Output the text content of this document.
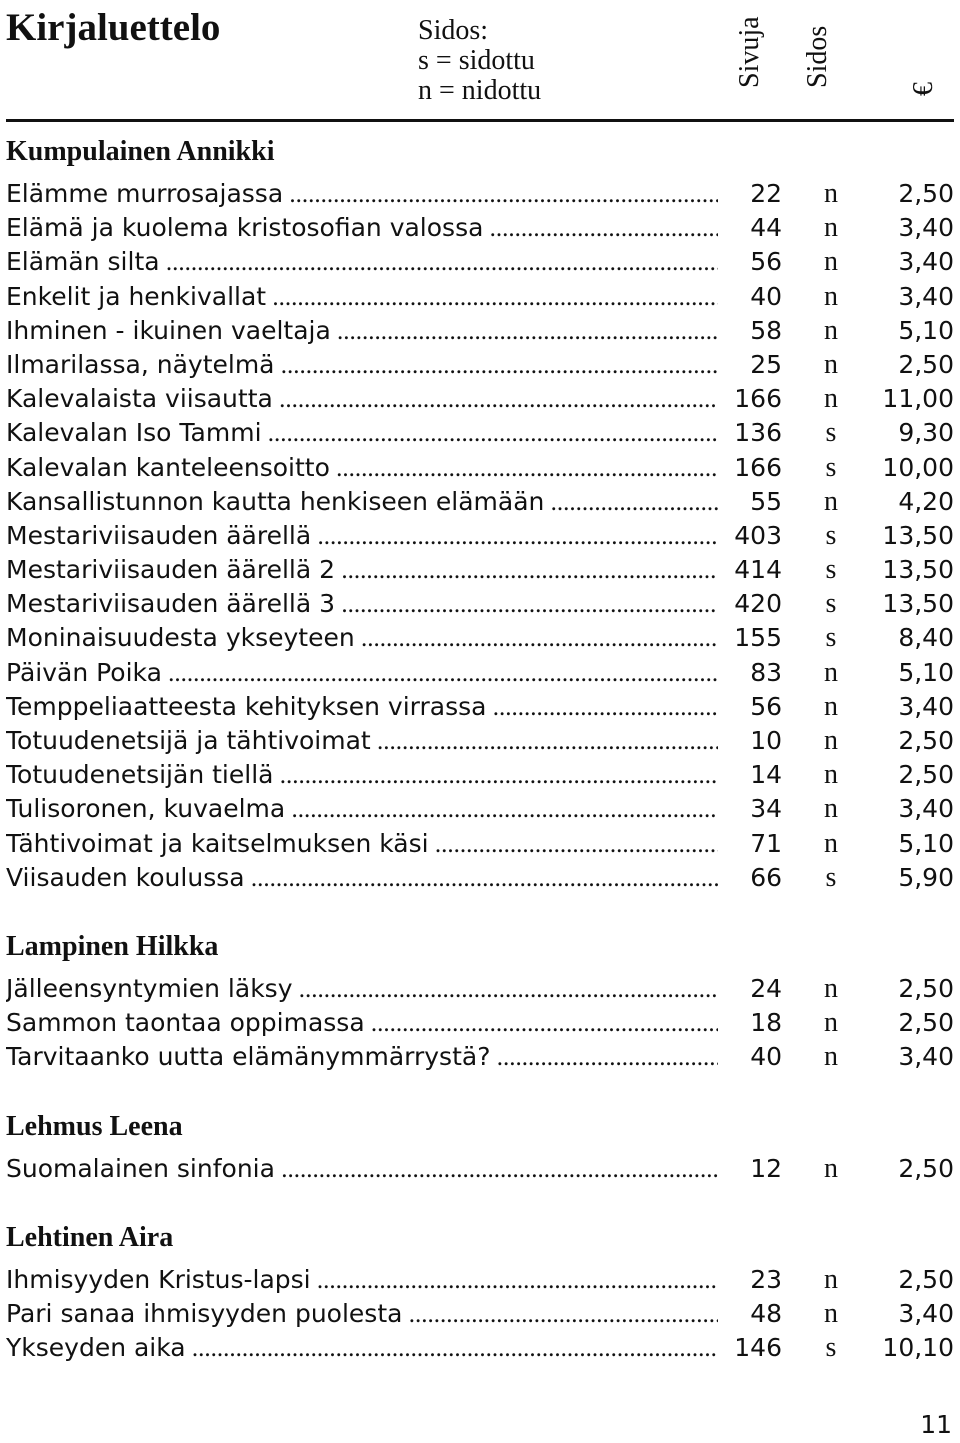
Kirjaluettelo	Sidos:
s = sidottu
n = nidottu
Sivuja Sidos
€
Kumpulainen Annikki
Elämme murrosajassa .....	22	n	2,50
Elämä ja kuolema kristosofian valossa .....	44	n	3,40
Elämän silta .....	56	n	3,40
Enkelit ja henkivallat .....	40	n	3,40
Ihminen - ikuinen vaeltaja .....	58	n	5,10
Ilmarilassa, näytelmä .....	25	n	2,50
Kalevalaista viisautta .....	166	n	11,00
Kalevalan Iso Tammi .....	136	s	9,30
Kalevalan kanteleensoitto .....	166	s	10,00
Kansallistunnon kautta henkiseen elämään .....	55	n	4,20
Mestariviisauden äärellä .....	403	s	13,50
Mestariviisauden äärellä 2 .....	414	s	13,50
Mestariviisauden äärellä 3 .....	420	s	13,50
Moninaisuudesta ykseyteen .....	155	s	8,40
Päivän Poika .....	83	n	5,10
Temppeliaatteesta kehityksen virrassa .....	56	n	3,40
Totuudenetsijä ja tähtivoimat .....	10	n	2,50
Totuudenetsijän tiellä .....	14	n	2,50
Tulisoronen, kuvaelma .....	34	n	3,40
Tähtivoimat ja kaitselmuksen käsi .....	71	n	5,10
Viisauden koulussa .....	66	s	5,90
Lampinen Hilkka
Jälleensyntymien läksy .....	24	n	2,50
Sammon taontaa oppimassa .....	18	n	2,50
Tarvitaanko uutta elämänymmärrystä? .....	40	n	3,40
Lehmus Leena
Suomalainen sinfonia .....	12	n	2,50
Lehtinen Aira
Ihmisyyden Kristus-lapsi .....	23	n	2,50
Pari sanaa ihmisyyden puolesta .....	48	n	3,40
Ykseyden aika .....	146	s	10,10
11
